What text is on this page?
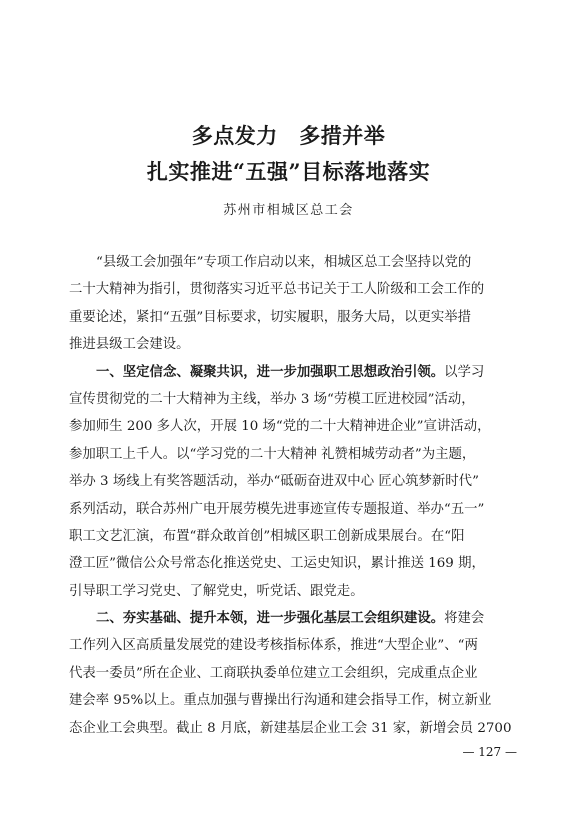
多点发力　多措并举
扎实推进“五强”目标落地落实
苏州市相城区总工会
“县级工会加强年”专项工作启动以来，相城区总工会坚持以党的
二十大精神为指引，贯彻落实习近平总书记关于工人阶级和工会工作的
重要论述，紧扣“五强”目标要求，切实履职，服务大局，以更实举措
推进县级工会建设。
一、坚定信念、凝聚共识，进一步加强职工思想政治引领。以学习
宣传贯彻党的二十大精神为主线，举办 3 场“劳模工匠进校园”活动，
参加师生 200 多人次，开展 10 场“党的二十大精神进企业”宣讲活动，
参加职工上千人。以“学习党的二十大精神 礼赞相城劳动者”为主题，
举办 3 场线上有奖答题活动，举办“砥砺奋进双中心 匠心筑梦新时代”
系列活动，联合苏州广电开展劳模先进事迹宣传专题报道、举办“五一”
职工文艺汇演，布置“群众敢首创”相城区职工创新成果展台。在“阳
澄工匠”微信公众号常态化推送党史、工运史知识，累计推送 169 期，
引导职工学习党史、了解党史，听党话、跟党走。
二、夯实基础、提升本领，进一步强化基层工会组织建设。将建会
工作列入区高质量发展党的建设考核指标体系，推进“大型企业”、“两
代表一委员”所在企业、工商联执委单位建立工会组织，完成重点企业
建会率 95%以上。重点加强与曹操出行沟通和建会指导工作，树立新业
态企业工会典型。截止 8 月底，新建基层企业工会 31 家，新增会员 2700
— 127 —
